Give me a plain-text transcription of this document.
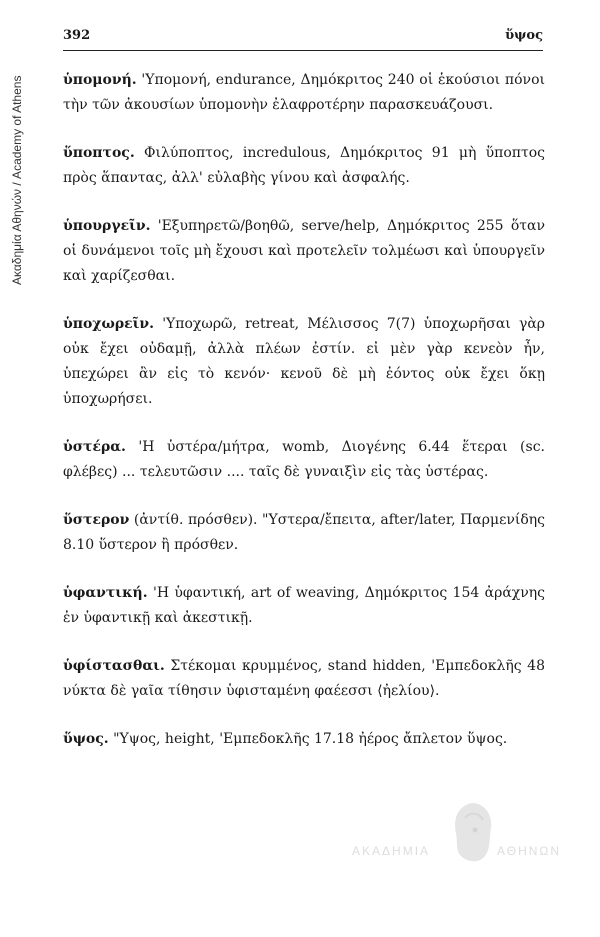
Ακαδημία Αθηνών / Academy of Athens
392	ὕψος

ὑπομονή. 'Υπομονή, endurance, Δημόκριτος 240 οἱ ἑκούσιοι πόνοι τὴν τῶν ἀκουσίων ὑπομονὴν ἐλαφροτέρην παρασκευάζουσι.

ὕποπτος. Φιλύποπτος, incredulous, Δημόκριτος 91 μὴ ὕποπτος πρὸς ἅπαντας, ἀλλ' εὐλαβὴς γίνου καὶ ἀσφαλής.

ὑπουργεῖν. 'Εξυπηρετῶ/βοηθῶ, serve/help, Δημόκριτος 255 ὅταν οἱ δυνάμενοι τοῖς μὴ ἔχουσι καὶ προτελεῖν τολμέωσι καὶ ὑπουργεῖν καὶ χαρίζεσθαι.

ὑποχωρεῖν. 'Υποχωρῶ, retreat, Μέλισσος 7(7) ὑποχωρῆσαι γὰρ οὐκ ἔχει οὐδαμῇ, ἀλλὰ πλέων ἐστίν. εἰ μὲν γὰρ κενεὸν ἦν, ὑπεχώρει ἂν εἰς τὸ κενόν· κενοῦ δὲ μὴ ἐόντος οὐκ ἔχει ὅκῃ ὑποχωρήσει.

ὑστέρα. 'Η ὑστέρα/μήτρα, womb, Διογένης 6.44 ἕτεραι (sc. φλέβες) ... τελευτῶσιν .... ταῖς δὲ γυναιξὶν εἰς τὰς ὑστέρας.

ὕστερον (ἀντίθ. πρόσθεν). "Υστερα/ἔπειτα, after/later, Παρμενίδης 8.10 ὕστερον ἢ πρόσθεν.

ὑφαντική. 'Η ὑφαντική, art of weaving, Δημόκριτος 154 ἀράχνης ἐν ὑφαντικῇ καὶ ἀκεστικῇ.

ὑφίστασθαι. Στέκομαι κρυμμένος, stand hidden, 'Εμπεδοκλῆς 48 νύκτα δὲ γαῖα τίθησιν ὑφισταμένη φαέεσσι ⟨ἠελίου⟩.

ὕψος. "Υψος, height, 'Εμπεδοκλῆς 17.18 ἠέρος ἄπλετον ὕψος.

ΑΚΑΔΗΜΙΑ	ΑΘΗΝΩΝ
